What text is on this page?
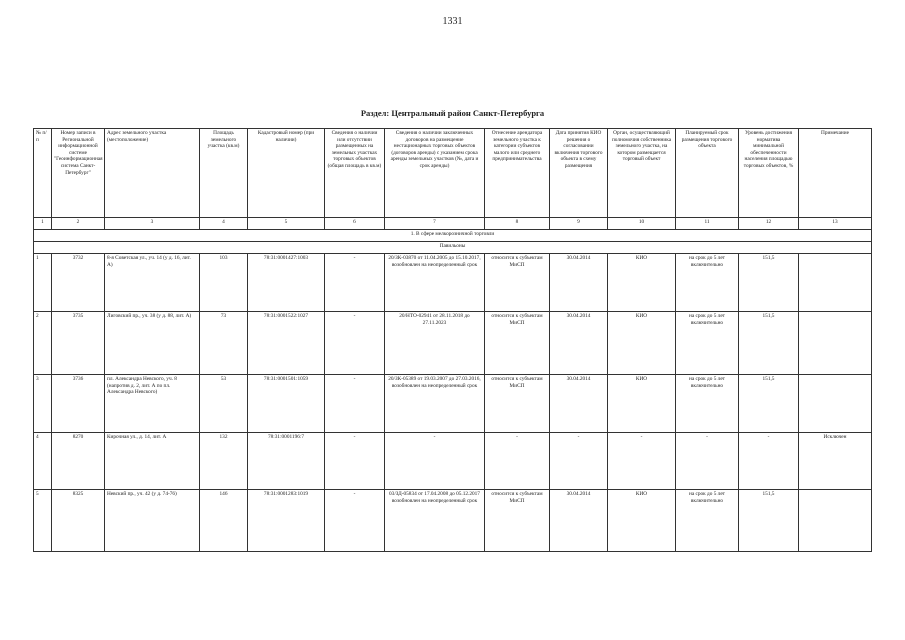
1331
Раздел: Центральный район Санкт-Петербурга
№ п/п	Номер записи в Региональной информационной системе "Геоинформационная система Санкт-Петербург"	Адрес земельного участка (местоположение)	Площадь земельного участка (кв.м)	Кадастровый номер (при наличии)	Сведения о наличии или отсутствии размещенных на земельных участках торговых объектов (общая площадь в кв.м)	Сведения о наличии заключенных договоров на размещение нестационарных торговых объектов (договоров аренды) с указанием срока аренды земельных участков (№, дата и срок аренды)	Отнесение арендатора земельного участка к категории субъектов малого или среднего предпринимательства	Дата принятия КИО решения о согласовании включения торгового объекта в схему размещения	Орган, осуществляющий полномочия собственника земельного участка, на котором размещается торговый объект	Планируемый срок размещения торгового объекта	Уровень достижения норматива минимальной обеспеченности населения площадью торговых объектов, %	Примечание
1	2	3	4	5	6	7	8	9	10	11	12	13
1. В сфере мелкорозничной торговли												
Павильоны												
1	3732	8-я Советская ул., уч. 14 (у д. 16, лит. А)	103	78:31:0001427:1003	-	20/ЗК-03870 от 11.04.2005 до 15.10.2017, возобновлен на неопределенный срок	относится к субъектам МиСП	30.04.2014	КИО	на срок до 5 лет включительно	151,5	
2	3735	Лиговский пр., уч. 38 (у д. 88, лит. А)	73	78:31:0001522:1027	-	20/НТО-02941 от 28.11.2018 до 27.11.2023	относится к субъектам МиСП	30.04.2014	КИО	на срок до 5 лет включительно	151,5	
3	3736	пл. Александра Невского, уч. 8 (напротив д. 2, лит. А по пл. Александра Невского)	53	78:31:0001501:1059	-	20/ЗК-05389 от 19.03.2007 до 27.03.2016, возобновлен на неопределенный срок	относится к субъектам МиСП	30.04.2014	КИО	на срок до 5 лет включительно	151,5	
4	8270	Кирочная ул., д. 14, лит. А	132	78:31:0001196:7	-	-	-	-	-	-	-	Исключен
5	8325	Невский пр., уч. 42 (у д. 74-76)	146	78:31:0001283:1019	-	03/ЗД-05834 от 17.04.2008 до 05.12.2017 возобновлен на неопределенный срок	относится к субъектам МиСП	30.04.2014	КИО	на срок до 5 лет включительно	151,5	
